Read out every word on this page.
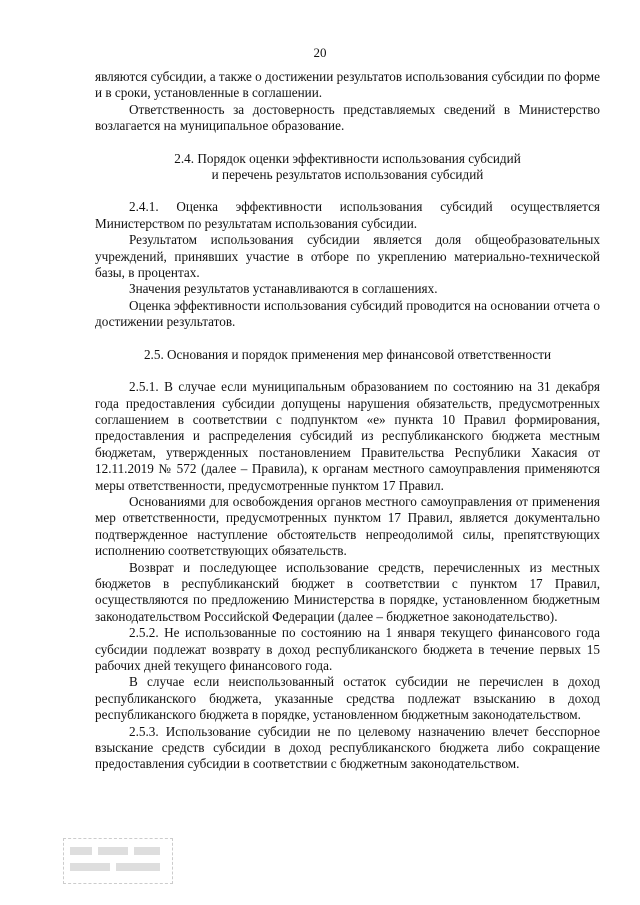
20

являются субсидии, а также о достижении результатов использования субсидии по форме и в сроки, установленные в соглашении.

Ответственность за достоверность представляемых сведений в Министерство возлагается на муниципальное образование.

2.4. Порядок оценки эффективности использования субсидий
и перечень результатов использования субсидий

2.4.1. Оценка эффективности использования субсидий осуществляется Министерством по результатам использования субсидии.

Результатом использования субсидии является доля общеобразовательных учреждений, принявших участие в отборе по укреплению материально-технической базы, в процентах.

Значения результатов устанавливаются в соглашениях.

Оценка эффективности использования субсидий проводится на основании отчета о достижении результатов.

2.5. Основания и порядок применения мер финансовой ответственности

2.5.1. В случае если муниципальным образованием по состоянию на 31 декабря года предоставления субсидии допущены нарушения обязательств, предусмотренных соглашением в соответствии с подпунктом «е» пункта 10 Правил формирования, предоставления и распределения субсидий из республиканского бюджета местным бюджетам, утвержденных постановлением Правительства Республики Хакасия от 12.11.2019 № 572 (далее – Правила), к органам местного самоуправления применяются меры ответственности, предусмотренные пунктом 17 Правил.

Основаниями для освобождения органов местного самоуправления от применения мер ответственности, предусмотренных пунктом 17 Правил, является документально подтвержденное наступление обстоятельств непреодолимой силы, препятствующих исполнению соответствующих обязательств.

Возврат и последующее использование средств, перечисленных из местных бюджетов в республиканский бюджет в соответствии с пунктом 17 Правил, осуществляются по предложению Министерства в порядке, установленном бюджетным законодательством Российской Федерации (далее – бюджетное законодательство).

2.5.2. Не использованные по состоянию на 1 января текущего финансового года субсидии подлежат возврату в доход республиканского бюджета в течение первых 15 рабочих дней текущего финансового года.

В случае если неиспользованный остаток субсидии не перечислен в доход республиканского бюджета, указанные средства подлежат взысканию в доход республиканского бюджета в порядке, установленном бюджетным законодательством.

2.5.3. Использование субсидии не по целевому назначению влечет бесспорное взыскание средств субсидии в доход республиканского бюджета либо сокращение предоставления субсидии в соответствии с бюджетным законодательством.
